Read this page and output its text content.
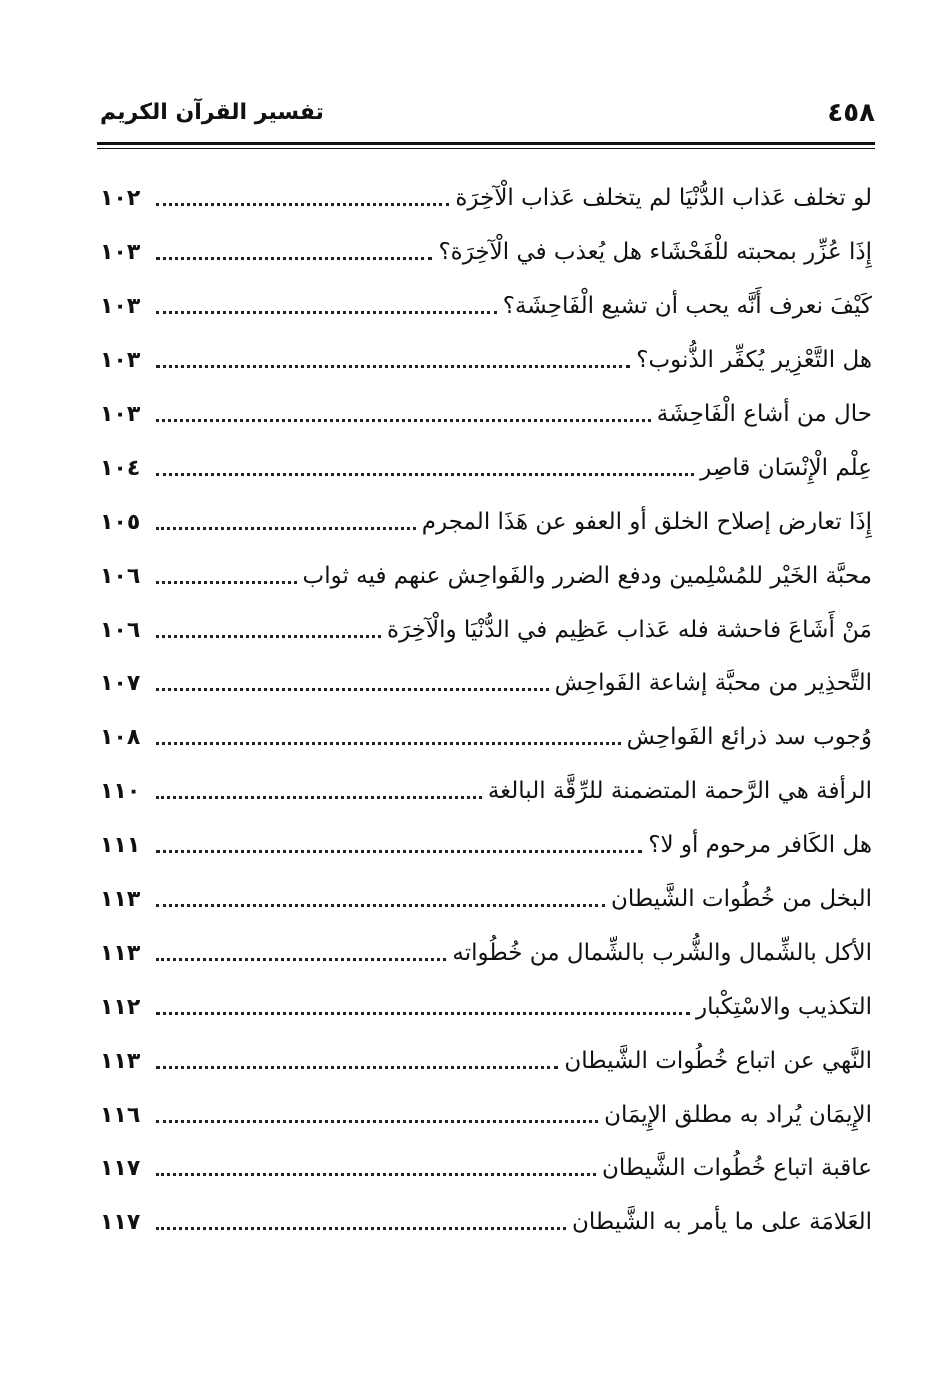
٤٥٨
تفسير القرآن الكريم
١٠٢	لو تخلف عَذاب الدُّنْيَا لم يتخلف عَذاب الْآخِرَة
١٠٣	إِذَا عُزِّر بمحبته للْفَحْشَاء هل يُعذب في الْآخِرَة؟
١٠٣	كَيْفَ نعرف أَنَّه يحب أن تشيع الْفَاحِشَة؟
١٠٣	هل التَّعْزِير يُكفِّر الذُّنوب؟
١٠٣	حال من أشاع الْفَاحِشَة
١٠٤	عِلْم الْإِنْسَان قاصِر
١٠٥	إِذَا تعارض إصلاح الخلق أو العفو عن هَذَا المجرم
١٠٦	محبَّة الخَيْر للمُسْلِمين ودفع الضرر والفَواحِش عنهم فيه ثواب
١٠٦	مَنْ أَشَاعَ فاحشة فله عَذاب عَظِيم في الدُّنْيَا والْآخِرَة
١٠٧	التَّحذِير من محبَّة إشاعة الفَواحِش
١٠٨	وُجوب سد ذرائع الفَواحِش
١١٠	الرأفة هي الرَّحمة المتضمنة للرِّقَّة البالغة
١١١	هل الكَافر مرحوم أو لا؟
١١٣	البخل من خُطُوات الشَّيطان
١١٣	الأكل بالشِّمال والشُّرب بالشِّمال من خُطُواته
١١٢	التكذيب والاسْتِكْبار
١١٣	النَّهي عن اتباع خُطُوات الشَّيطان
١١٦	الإِيمَان يُراد به مطلق الإِيمَان
١١٧	عاقبة اتباع خُطُوات الشَّيطان
١١٧	العَلامَة على ما يأمر به الشَّيطان
